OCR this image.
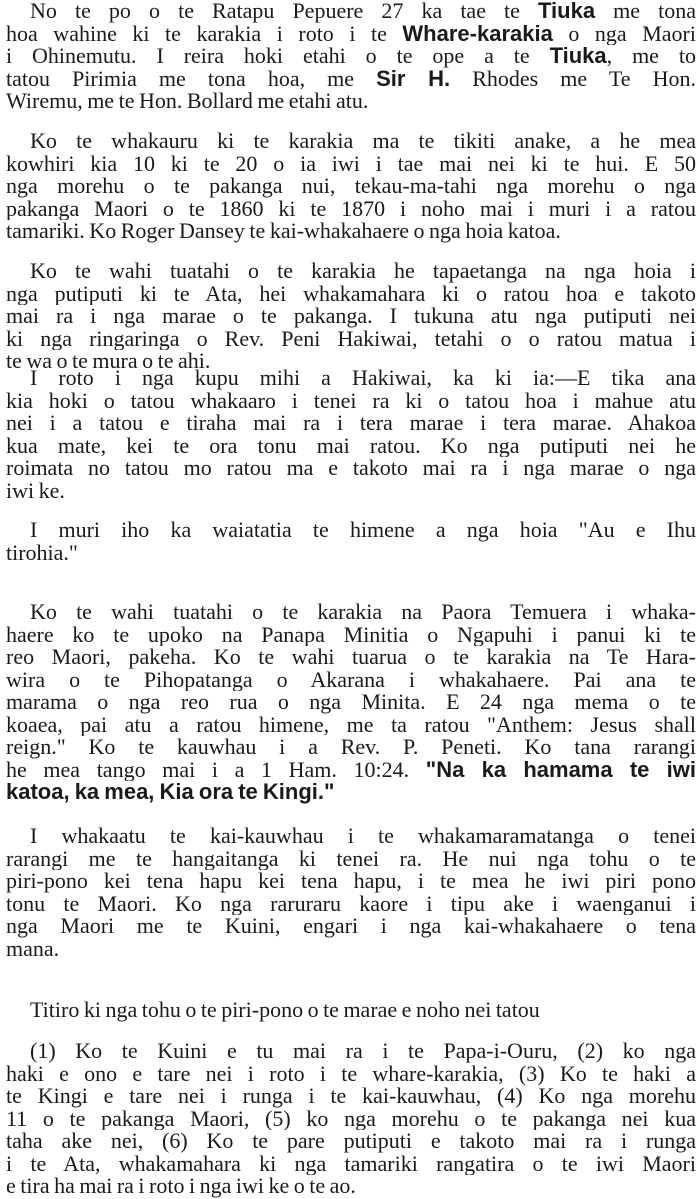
No te po o te Ratapu Pepuere 27 ka tae te Tiuka me tona
hoa wahine ki te karakia i roto i te Whare-karakia o nga Maori
i Ohinemutu. I reira hoki etahi o te ope a te Tiuka, me to
tatou Pirimia me tona hoa, me Sir H. Rhodes me Te Hon.
Wiremu, me te Hon. Bollard me etahi atu.
Ko te whakauru ki te karakia ma te tikiti anake, a he mea
kowhiri kia 10 ki te 20 o ia iwi i tae mai nei ki te hui. E 50
nga morehu o te pakanga nui, tekau-ma-tahi nga morehu o nga
pakanga Maori o te 1860 ki te 1870 i noho mai i muri i a ratou
tamariki. Ko Roger Dansey te kai-whakahaere o nga hoia katoa.
Ko te wahi tuatahi o te karakia he tapaetanga na nga hoia i
nga putiputi ki te Ata, hei whakamahara ki o ratou hoa e takoto
mai ra i nga marae o te pakanga. I tukuna atu nga putiputi nei
ki nga ringaringa o Rev. Peni Hakiwai, tetahi o o ratou matua i
te wa o te mura o te ahi.
I roto i nga kupu mihi a Hakiwai, ka ki ia:—E tika ana
kia hoki o tatou whakaaro i tenei ra ki o tatou hoa i mahue atu
nei i a tatou e tiraha mai ra i tera marae i tera marae. Ahakoa
kua mate, kei te ora tonu mai ratou. Ko nga putiputi nei he
roimata no tatou mo ratou ma e takoto mai ra i nga marae o nga
iwi ke.
I muri iho ka waiatatia te himene a nga hoia "Au e Ihu
tirohia."
Ko te wahi tuatahi o te karakia na Paora Temuera i whaka-
haere ko te upoko na Panapa Minitia o Ngapuhi i panui ki te
reo Maori, pakeha. Ko te wahi tuarua o te karakia na Te Hara-
wira o te Pihopatanga o Akarana i whakahaere. Pai ana te
marama o nga reo rua o nga Minita. E 24 nga mema o te
koaea, pai atu a ratou himene, me ta ratou "Anthem: Jesus shall
reign." Ko te kauwhau i a Rev. P. Peneti. Ko tana rarangi
he mea tango mai i a 1 Ham. 10:24. "Na ka hamama te iwi
katoa, ka mea, Kia ora te Kingi."
I whakaatu te kai-kauwhau i te whakamaramatanga o tenei
rarangi me te hangaitanga ki tenei ra. He nui nga tohu o te
piri-pono kei tena hapu kei tena hapu, i te mea he iwi piri pono
tonu te Maori. Ko nga raruraru kaore i tipu ake i waenganui i
nga Maori me te Kuini, engari i nga kai-whakahaere o tena
mana.
Titiro ki nga tohu o te piri-pono o te marae e noho nei tatou
(1) Ko te Kuini e tu mai ra i te Papa-i-Ouru, (2) ko nga
haki e ono e tare nei i roto i te whare-karakia, (3) Ko te haki a
te Kingi e tare nei i runga i te kai-kauwhau, (4) Ko nga morehu
11 o te pakanga Maori, (5) ko nga morehu o te pakanga nei kua
taha ake nei, (6) Ko te pare putiputi e takoto mai ra i runga
i te Ata, whakamahara ki nga tamariki rangatira o te iwi Maori
e tira ha mai ra i roto i nga iwi ke o te ao.
